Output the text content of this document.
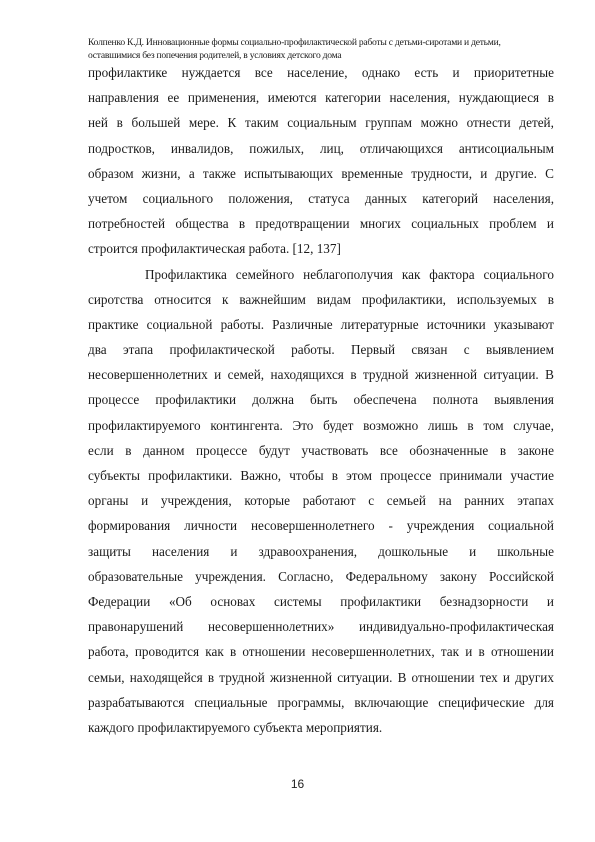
Колпенко К.Д. Инновационные формы социально-профилактической работы с детьми-сиротами и детьми,
оставшимися без попечения родителей, в условиях детского дома
профилактике нуждается все население, однако есть и приоритетные
направления ее применения, имеются категории населения, нуждающиеся в
ней в большей мере. К таким социальным группам можно отнести детей,
подростков, инвалидов, пожилых, лиц, отличающихся антисоциальным
образом жизни, а также испытывающих временные трудности, и другие. С
учетом социального положения, статуса данных категорий населения,
потребностей общества в предотвращении многих социальных проблем и
строится профилактическая работа. [12, 137]
Профилактика семейного неблагополучия как фактора социального
сиротства относится к важнейшим видам профилактики, используемых в
практике социальной работы. Различные литературные источники указывают
два этапа профилактической работы. Первый связан с выявлением
несовершеннолетних и семей, находящихся в трудной жизненной ситуации. В
процессе профилактики должна быть обеспечена полнота выявления
профилактируемого контингента. Это будет возможно лишь в том случае,
если в данном процессе будут участвовать все обозначенные в законе
субъекты профилактики. Важно, чтобы в этом процессе принимали участие
органы и учреждения, которые работают с семьей на ранних этапах
формирования личности несовершеннолетнего - учреждения социальной
защиты населения и здравоохранения, дошкольные и школьные
образовательные учреждения. Согласно, Федеральному закону Российской
Федерации «Об основах системы профилактики безнадзорности и
правонарушений несовершеннолетних» индивидуально-профилактическая
работа, проводится как в отношении несовершеннолетних, так и в отношении
семьи, находящейся в трудной жизненной ситуации. В отношении тех и других
разрабатываются специальные программы, включающие специфические для
каждого профилактируемого субъекта мероприятия.
16
